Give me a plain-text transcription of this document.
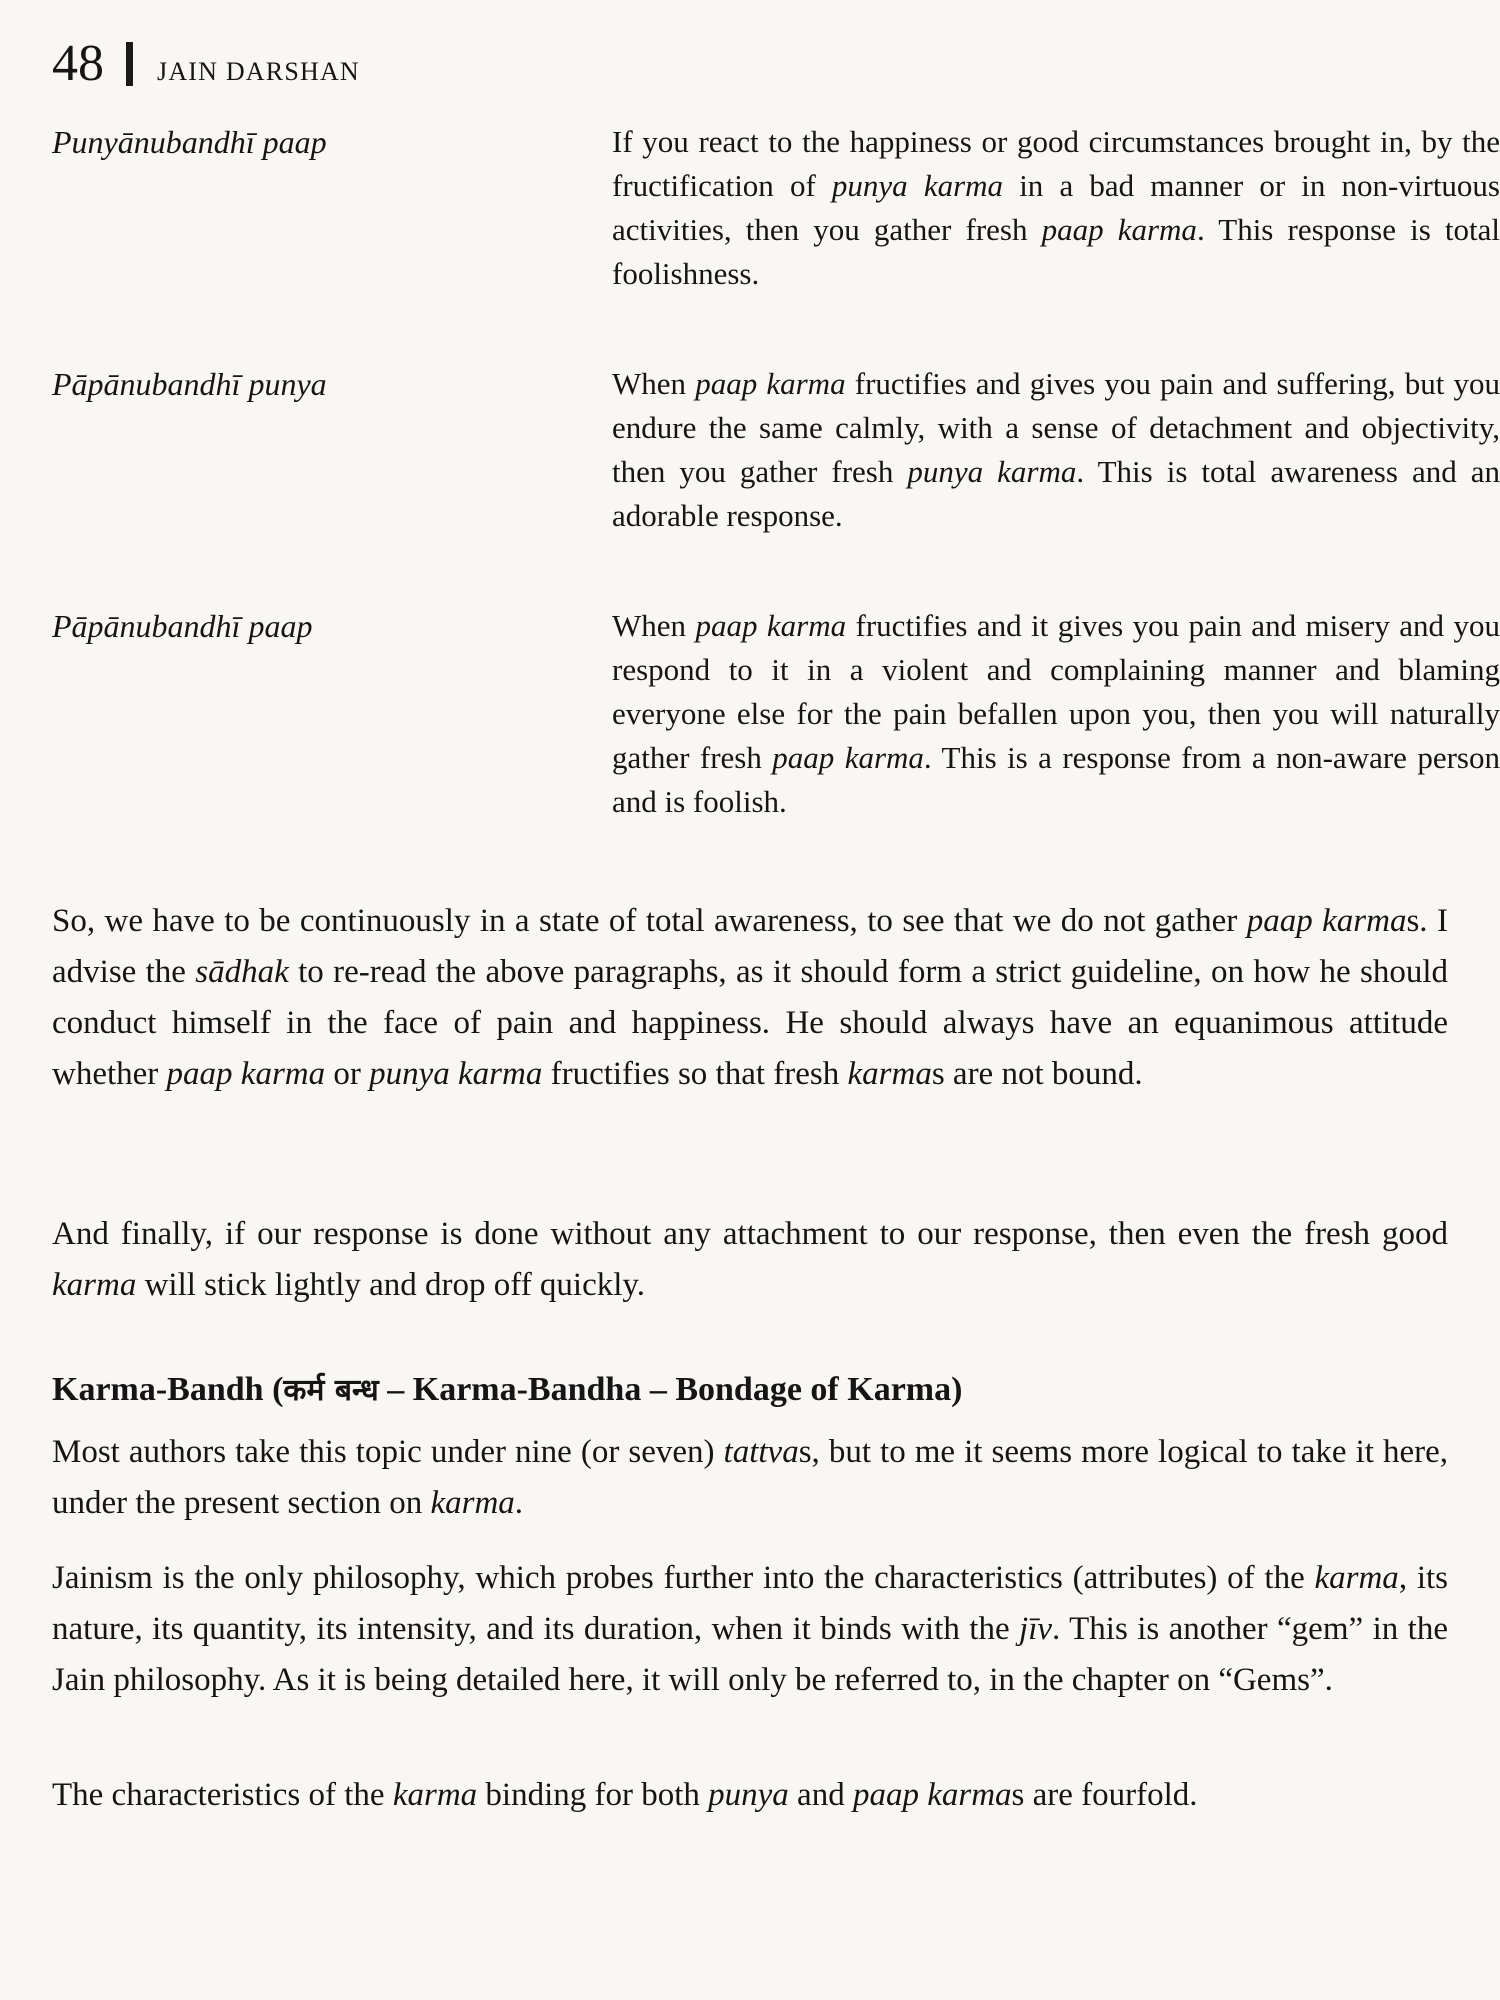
48 JAIN DARSHAN
Punyānubandhī paap	If you react to the happiness or good circumstances brought in, by the fructification of punya karma in a bad manner or in non-virtuous activities, then you gather fresh paap karma. This response is total foolishness.
Pāpānubandhī punya	When paap karma fructifies and gives you pain and suffering, but you endure the same calmly, with a sense of detachment and objectivity, then you gather fresh punya karma. This is total awareness and an adorable response.
Pāpānubandhī paap	When paap karma fructifies and it gives you pain and misery and you respond to it in a violent and complaining manner and blaming everyone else for the pain befallen upon you, then you will naturally gather fresh paap karma. This is a response from a non-aware person and is foolish.

So, we have to be continuously in a state of total awareness, to see that we do not gather paap karmas. I advise the sādhak to re-read the above paragraphs, as it should form a strict guideline, on how he should conduct himself in the face of pain and happiness. He should always have an equanimous attitude whether paap karma or punya karma fructifies so that fresh karmas are not bound.

And finally, if our response is done without any attachment to our response, then even the fresh good karma will stick lightly and drop off quickly.

Karma-Bandh (कर्म बन्ध – Karma-Bandha – Bondage of Karma)

Most authors take this topic under nine (or seven) tattvas, but to me it seems more logical to take it here, under the present section on karma.

Jainism is the only philosophy, which probes further into the characteristics (attributes) of the karma, its nature, its quantity, its intensity, and its duration, when it binds with the jīv. This is another “gem” in the Jain philosophy. As it is being detailed here, it will only be referred to, in the chapter on “Gems”.

The characteristics of the karma binding for both punya and paap karmas are fourfold.
